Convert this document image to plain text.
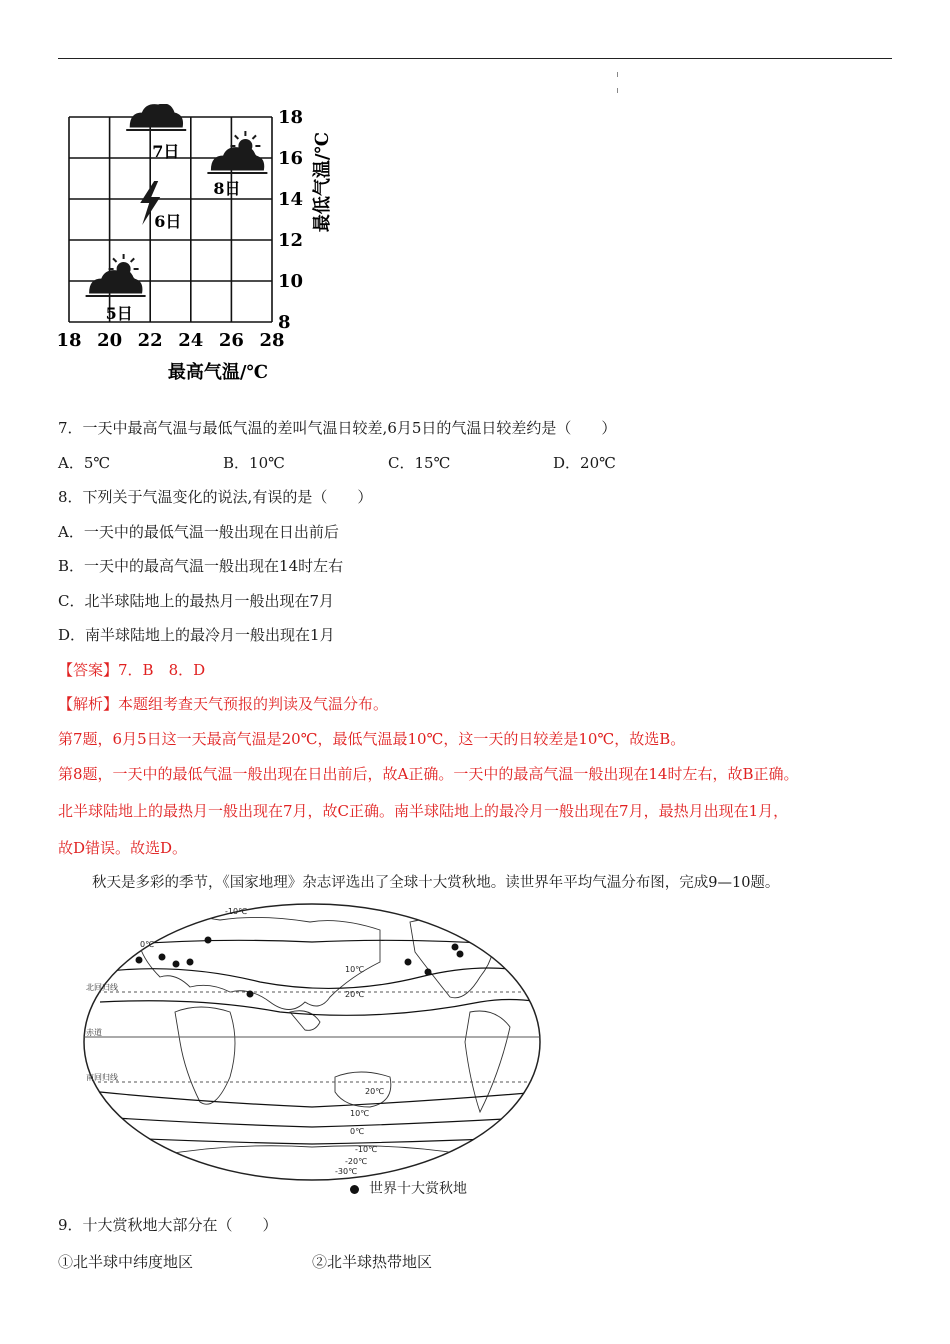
5日
6日
7日
8日
18 20 22 24 26 28
18
16
14
12
10
8
最高气温/℃
最低气温/℃
7．一天中最高气温与最低气温的差叫气温日较差,6月5日的气温日较差约是（　　）
A．5℃	B．10℃	C．15℃	D．20℃
8．下列关于气温变化的说法,有误的是（　　）
A．一天中的最低气温一般出现在日出前后
B．一天中的最高气温一般出现在14时左右
C．北半球陆地上的最热月一般出现在7月
D．南半球陆地上的最冷月一般出现在1月
【答案】7．B　8．D
【解析】本题组考查天气预报的判读及气温分布。
第7题，6月5日这一天最高气温是20℃，最低气温最10℃，这一天的日较差是10℃，故选B。
第8题，一天中的最低气温一般出现在日出前后，故A正确。一天中的最高气温一般出现在14时左右，故B正确。
北半球陆地上的最热月一般出现在7月，故C正确。南半球陆地上的最冷月一般出现在7月，最热月出现在1月，
故D错误。故选D。
秋天是多彩的季节，《国家地理》杂志评选出了全球十大赏秋地。读世界年平均气温分布图，完成9—10题。
赤道
北回归线
南回归线
-10℃
0℃
10℃
20℃
20℃
10℃
0℃
-10℃
-20℃
-30℃
世界十大赏秋地
9．十大赏秋地大部分在（　　）
①北半球中纬度地区	②北半球热带地区
